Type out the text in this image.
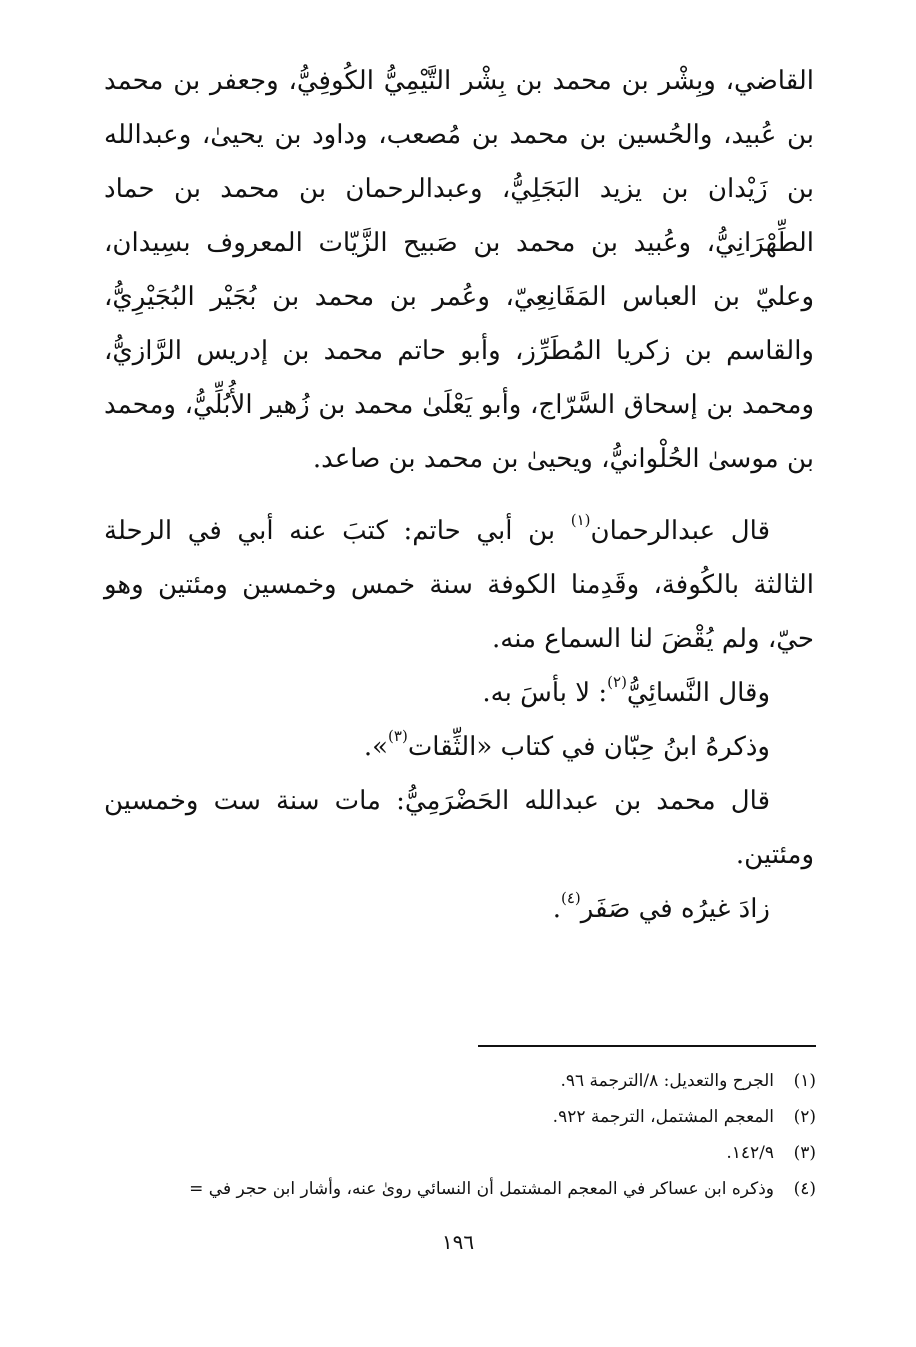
القاضي، وبِشْر بن محمد بن بِشْر التَّيْمِيُّ الكُوفِيُّ، وجعفر بن محمد بن عُبيد، والحُسين بن محمد بن مُصعب، وداود بن يحيىٰ، وعبدالله بن زَيْدان بن يزيد البَجَلِيُّ، وعبدالرحمان بن محمد بن حماد الطِّهْرَانِيُّ، وعُبيد بن محمد بن صَبيح الزَّيّات المعروف بسِيدان، وعليّ بن العباس المَقَانِعِيّ، وعُمر بن محمد بن بُجَيْر البُجَيْرِيُّ، والقاسم بن زكريا المُطَرِّز، وأبو حاتم محمد بن إدريس الرَّازيُّ، ومحمد بن إسحاق السَّرّاج، وأبو يَعْلَىٰ محمد بن زُهير الأُبُلِّيُّ، ومحمد بن موسىٰ الحُلْوانيُّ، ويحيىٰ بن محمد بن صاعد.

قال عبدالرحمان$^{(١)}$ بن أبي حاتم: كتبَ عنه أبي في الرحلة الثالثة بالكُوفة، وقَدِمنا الكوفة سنة خمس وخمسين ومئتين وهو حيّ، ولم يُقْضَ لنا السماع منه.

وقال النَّسائِيُّ$^{(٢)}$: لا بأسَ به.

وذكرهُ ابنُ حِبّان في كتاب «الثِّقات$^{(٣)}$».

قال محمد بن عبدالله الحَضْرَمِيُّ: مات سنة ست وخمسين ومئتين.

زادَ غيرُه في صَفَر$^{(٤)}$.

(١)الجرح والتعديل: ٨/الترجمة ٩٦.

(٢)المعجم المشتمل، الترجمة ٩٢٢.

(٣)١٤٢/٩.

(٤)وذكره ابن عساكر في المعجم المشتمل أن النسائي روىٰ عنه، وأشار ابن حجر في =

١٩٦
